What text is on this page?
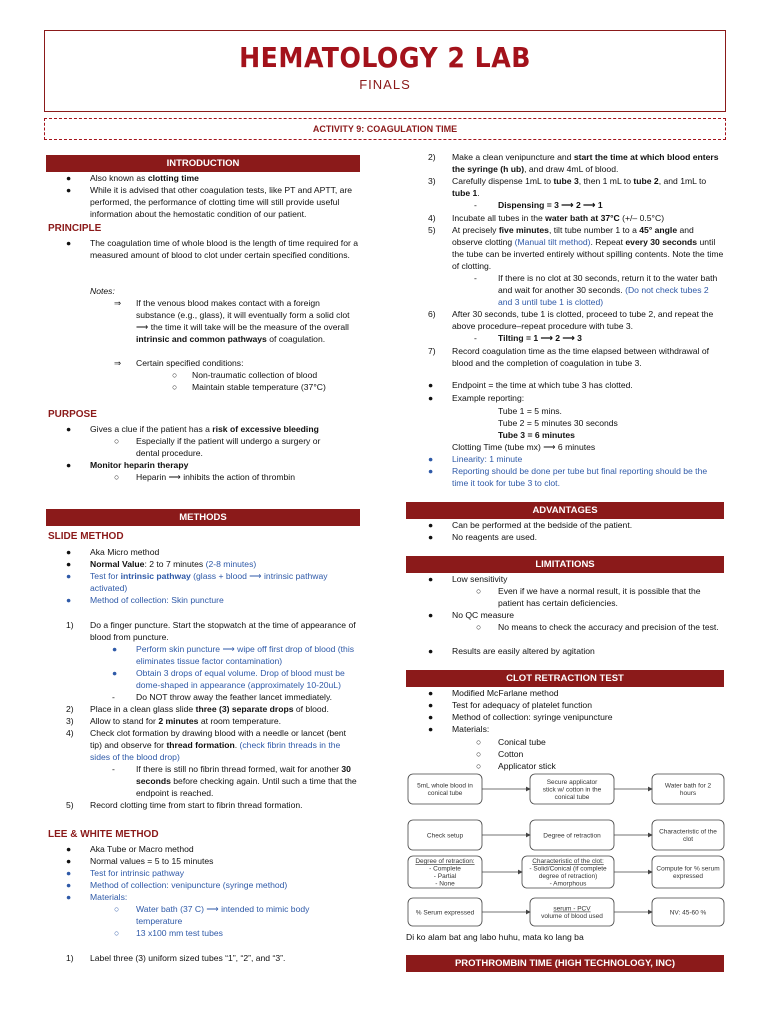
HEMATOLOGY 2 LAB
FINALS
ACTIVITY 9: COAGULATION TIME
INTRODUCTION
● Also known as clotting time
● While it is advised that other coagulation tests, like PT and APTT, are performed, the performance of clotting time will still provide useful information about the hemostatic condition of our patient.
PRINCIPLE
● The coagulation time of whole blood is the length of time required for a measured amount of blood to clot under certain specified conditions.
Notes:
⇒ If the venous blood makes contact with a foreign substance (e.g., glass), it will eventually form a solid clot ⟶ the time it will take will be the measure of the overall intrinsic and common pathways of coagulation.
⇒ Certain specified conditions:
○ Non-traumatic collection of blood
○ Maintain stable temperature (37°C)
PURPOSE
● Gives a clue if the patient has a risk of excessive bleeding
○ Especially if the patient will undergo a surgery or dental procedure.
● Monitor heparin therapy
○ Heparin ⟶ inhibits the action of thrombin
METHODS
SLIDE METHOD
● Aka Micro method
● Normal Value: 2 to 7 minutes (2-8 minutes)
● Test for intrinsic pathway (glass + blood ⟶ intrinsic pathway activated)
● Method of collection: Skin puncture
1) Do a finger puncture. Start the stopwatch at the time of appearance of blood from puncture.
● Perform skin puncture ⟶ wipe off first drop of blood (this eliminates tissue factor contamination)
● Obtain 3 drops of equal volume. Drop of blood must be dome-shaped in appearance (approximately 10-20uL)
- Do NOT throw away the feather lancet immediately.
2) Place in a clean glass slide three (3) separate drops of blood.
3) Allow to stand for 2 minutes at room temperature.
4) Check clot formation by drawing blood with a needle or lancet (bent tip) and observe for thread formation. (check fibrin threads in the sides of the blood drop)
- If there is still no fibrin thread formed, wait for another 30 seconds before checking again. Until such a time that the endpoint is reached.
5) Record clotting time from start to fibrin thread formation.
LEE & WHITE METHOD
● Aka Tube or Macro method
● Normal values = 5 to 15 minutes
● Test for intrinsic pathway
● Method of collection: venipuncture (syringe method)
● Materials:
○ Water bath (37 C) ⟶ intended to mimic body temperature
○ 13 x100 mm test tubes
1) Label three (3) uniform sized tubes “1”, “2”, and “3”.
2) Make a clean venipuncture and start the time at which blood enters the syringe (h ub), and draw 4mL of blood.
3) Carefully dispense 1mL to tube 3, then 1 mL to tube 2, and 1mL to tube 1.
- Dispensing = 3 ⟶ 2 ⟶ 1
4) Incubate all tubes in the water bath at 37°C (+/– 0.5°C)
5) At precisely five minutes, tilt tube number 1 to a 45° angle and observe clotting (Manual tilt method). Repeat every 30 seconds until the tube can be inverted entirely without spilling contents. Note the time of clotting.
- If there is no clot at 30 seconds, return it to the water bath and wait for another 30 seconds. (Do not check tubes 2 and 3 until tube 1 is clotted)
6) After 30 seconds, tube 1 is clotted, proceed to tube 2, and repeat the above procedure–repeat procedure with tube 3.
- Tilting = 1 ⟶ 2 ⟶ 3
7) Record coagulation time as the time elapsed between withdrawal of blood and the completion of coagulation in tube 3.
● Endpoint = the time at which tube 3 has clotted.
● Example reporting:
Tube 1 = 5 mins.
Tube 2 = 5 minutes 30 seconds
Tube 3 = 6 minutes
Clotting Time (tube mx) ⟶ 6 minutes
● Linearity: 1 minute
● Reporting should be done per tube but final reporting should be the time it took for tube 3 to clot.
ADVANTAGES
● Can be performed at the bedside of the patient.
● No reagents are used.
LIMITATIONS
● Low sensitivity
○ Even if we have a normal result, it is possible that the patient has certain deficiencies.
● No QC measure
○ No means to check the accuracy and precision of the test.
● Results are easily altered by agitation
CLOT RETRACTION TEST
● Modified McFarlane method
● Test for adequacy of platelet function
● Method of collection: syringe venipuncture
● Materials:
○ Conical tube
○ Cotton
○ Applicator stick
5mL whole blood in
conical tube
Secure applicator
stick w/ cotton in the
conical tube
Water bath for 2
hours
Check setup	Degree of retraction
Characteristic of the
clot
Degree of retraction:
- Complete
- Partial
- None
Characteristic of the clot:
- Solid/Conical (if complete
degree of retraction)
- Amorphous
Compute for % serum
expressed
% Serum expressed
serum - PCV
volume of blood used
NV: 45-60 %
Di ko alam bat ang labo huhu, mata ko lang ba
PROTHROMBIN TIME (HIGH TECHNOLOGY, INC)
